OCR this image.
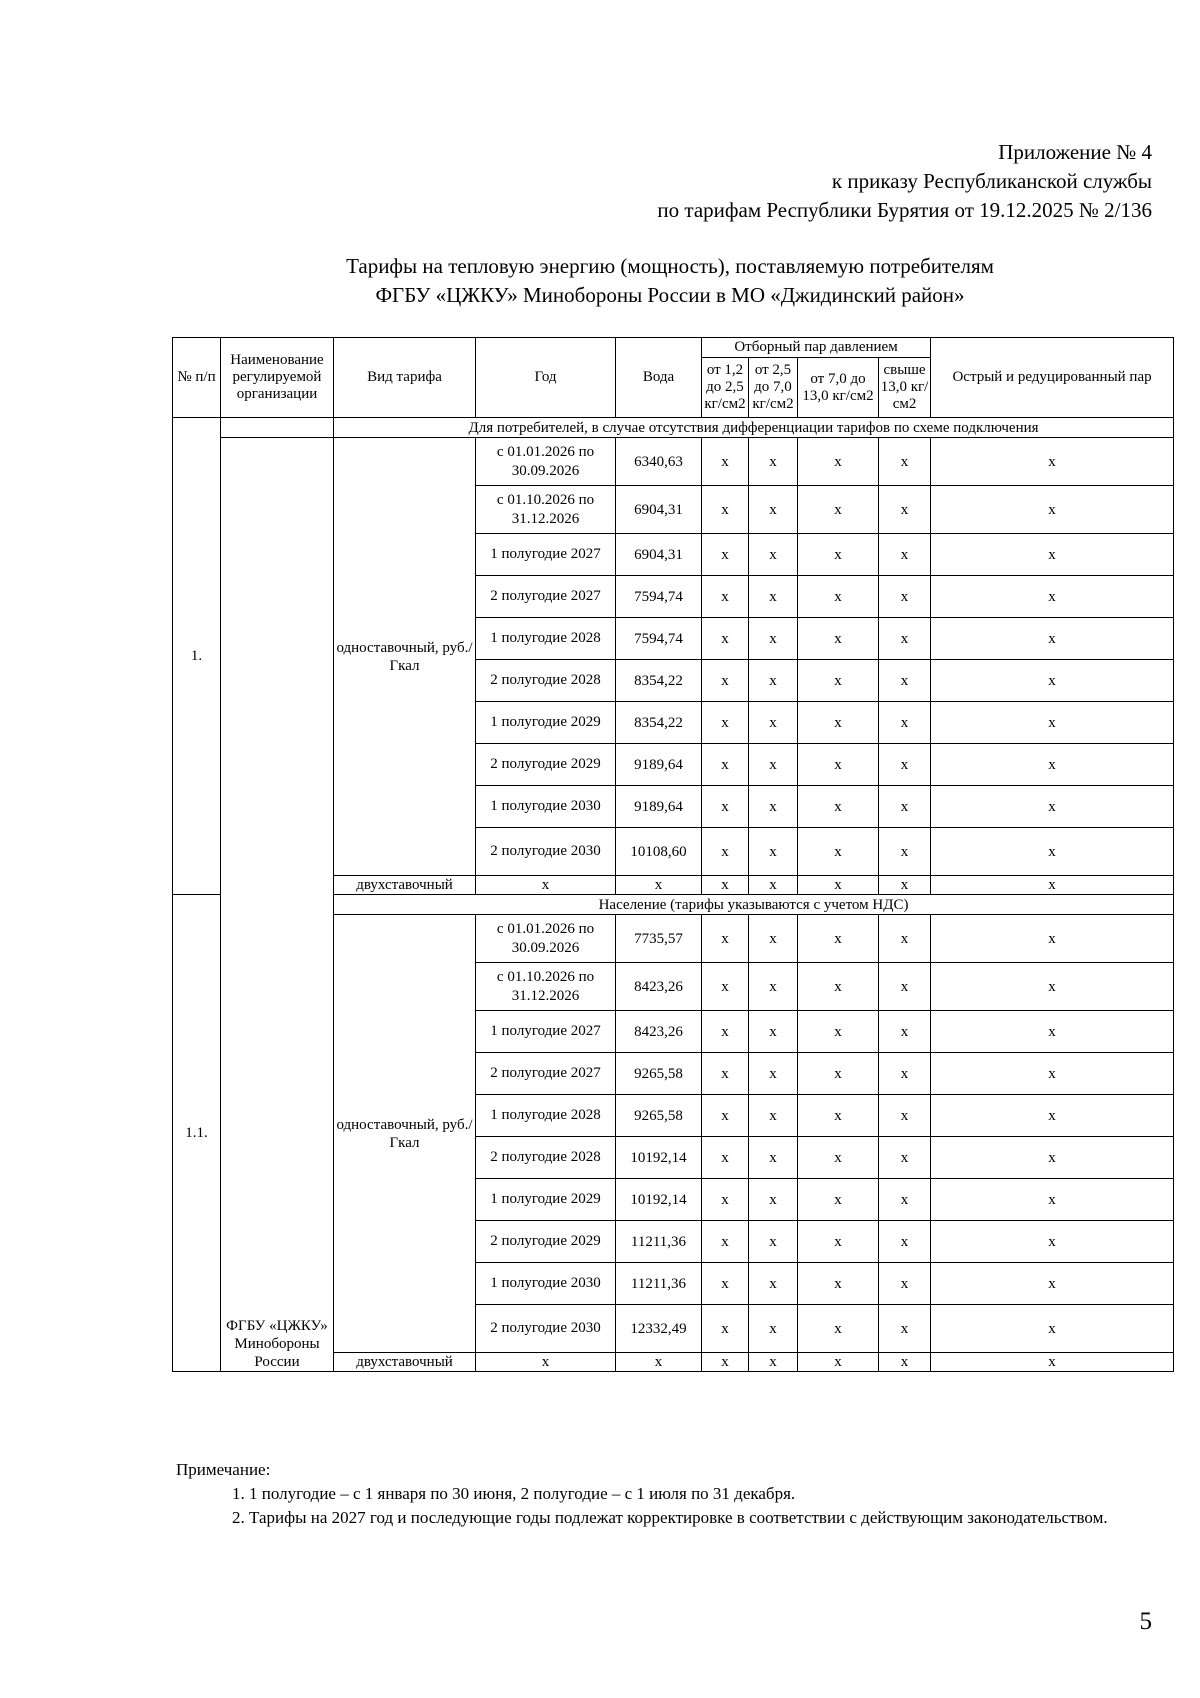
Приложение № 4
к приказу Республиканской службы
по тарифам Республики Бурятия от 19.12.2025 № 2/136
Тарифы на тепловую энергию (мощность), поставляемую потребителям
ФГБУ «ЦЖКУ» Минобороны России в МО «Джидинский район»
№ п/п	Наименование регулируемой организации	Вид тарифа	Год	Вода	Отборный пар давлением				Острый и редуцированный пар
					от 1,2 до 2,5 кг/см2	от 2,5 до 7,0 кг/см2	от 7,0 до 13,0 кг/см2	свыше 13,0 кг/см2	
1.		Для потребителей, в случае отсутствия дифференциации тарифов по схеме подключения							
	ФГБУ «ЦЖКУ» Минобороны России	одноставочный, руб./Гкал	с 01.01.2026 по 30.09.2026	6340,63	х	х	х	х	х
			с 01.10.2026 по 31.12.2026	6904,31	х	х	х	х	х
			1 полугодие 2027	6904,31	х	х	х	х	х
			2 полугодие 2027	7594,74	х	х	х	х	х
			1 полугодие 2028	7594,74	х	х	х	х	х
			2 полугодие 2028	8354,22	х	х	х	х	х
			1 полугодие 2029	8354,22	х	х	х	х	х
			2 полугодие 2029	9189,64	х	х	х	х	х
			1 полугодие 2030	9189,64	х	х	х	х	х
			2 полугодие 2030	10108,60	х	х	х	х	х
		двухставочный	х	х	х	х	х	х	х
1.1.		Население (тарифы указываются с учетом НДС)							
		одноставочный, руб./Гкал	с 01.01.2026 по 30.09.2026	7735,57	х	х	х	х	х
			с 01.10.2026 по 31.12.2026	8423,26	х	х	х	х	х
			1 полугодие 2027	8423,26	х	х	х	х	х
			2 полугодие 2027	9265,58	х	х	х	х	х
			1 полугодие 2028	9265,58	х	х	х	х	х
			2 полугодие 2028	10192,14	х	х	х	х	х
			1 полугодие 2029	10192,14	х	х	х	х	х
			2 полугодие 2029	11211,36	х	х	х	х	х
			1 полугодие 2030	11211,36	х	х	х	х	х
			2 полугодие 2030	12332,49	х	х	х	х	х
		двухставочный	х	х	х	х	х	х	х

Примечание:

1. 1 полугодие – с 1 января по 30 июня, 2 полугодие – с 1 июля по 31 декабря.

2. Тарифы на 2027 год и последующие годы подлежат корректировке в соответствии с действующим законодательством.

5
